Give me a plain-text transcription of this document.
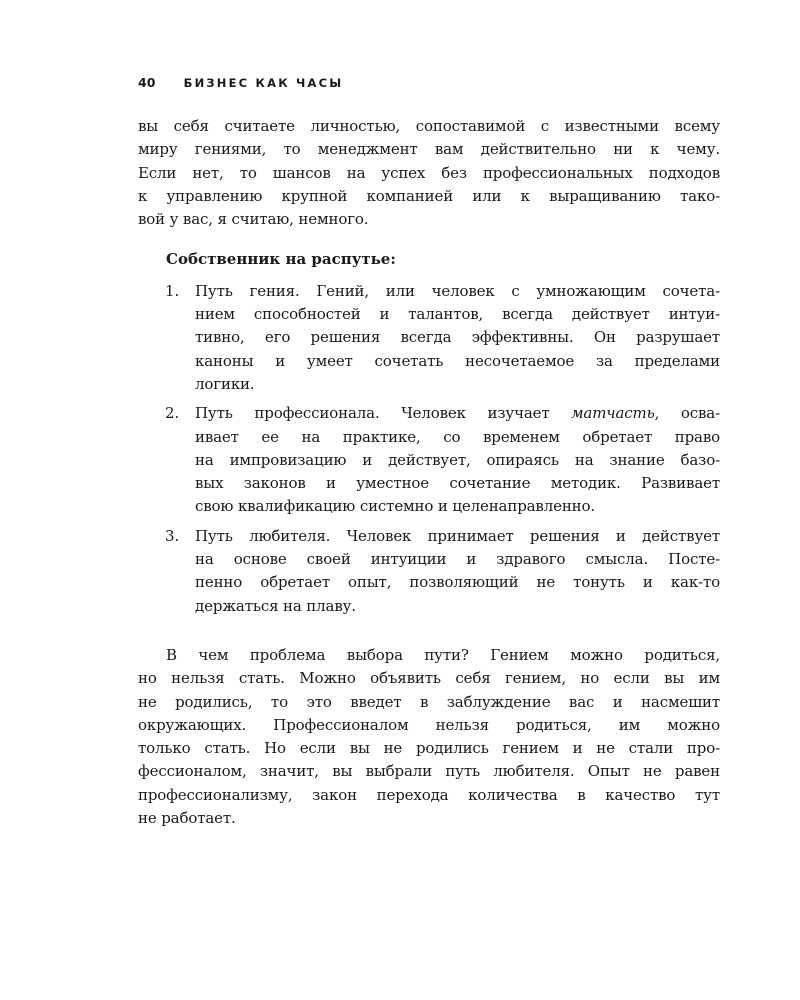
40 БИЗНЕС КАК ЧАСЫ
вы себя считаете личностью, сопоставимой с известными всему
миру гениями, то менеджмент вам действительно ни к чему.
Если нет, то шансов на успех без профессиональных подходов
к управлению крупной компанией или к выращиванию тако-
вой у вас, я считаю, немного.
Собственник на распутье:
1. Путь гения. Гений, или человек с умножающим сочета-
нием способностей и талантов, всегда действует интуи-
тивно, его решения всегда эффективны. Он разрушает
каноны и умеет сочетать несочетаемое за пределами
логики.
2. Путь профессионала. Человек изучает матчасть, осва-
ивает ее на практике, со временем обретает право
на импровизацию и действует, опираясь на знание базо-
вых законов и уместное сочетание методик. Развивает
свою квалификацию системно и целенаправленно.
3. Путь любителя. Человек принимает решения и действует
на основе своей интуиции и здравого смысла. Посте-
пенно обретает опыт, позволяющий не тонуть и как-то
держаться на плаву.
В чем проблема выбора пути? Гением можно родиться,
но нельзя стать. Можно объявить себя гением, но если вы им
не родились, то это введет в заблуждение вас и насмешит
окружающих. Профессионалом нельзя родиться, им можно
только стать. Но если вы не родились гением и не стали про-
фессионалом, значит, вы выбрали путь любителя. Опыт не равен
профессионализму, закон перехода количества в качество тут
не работает.
